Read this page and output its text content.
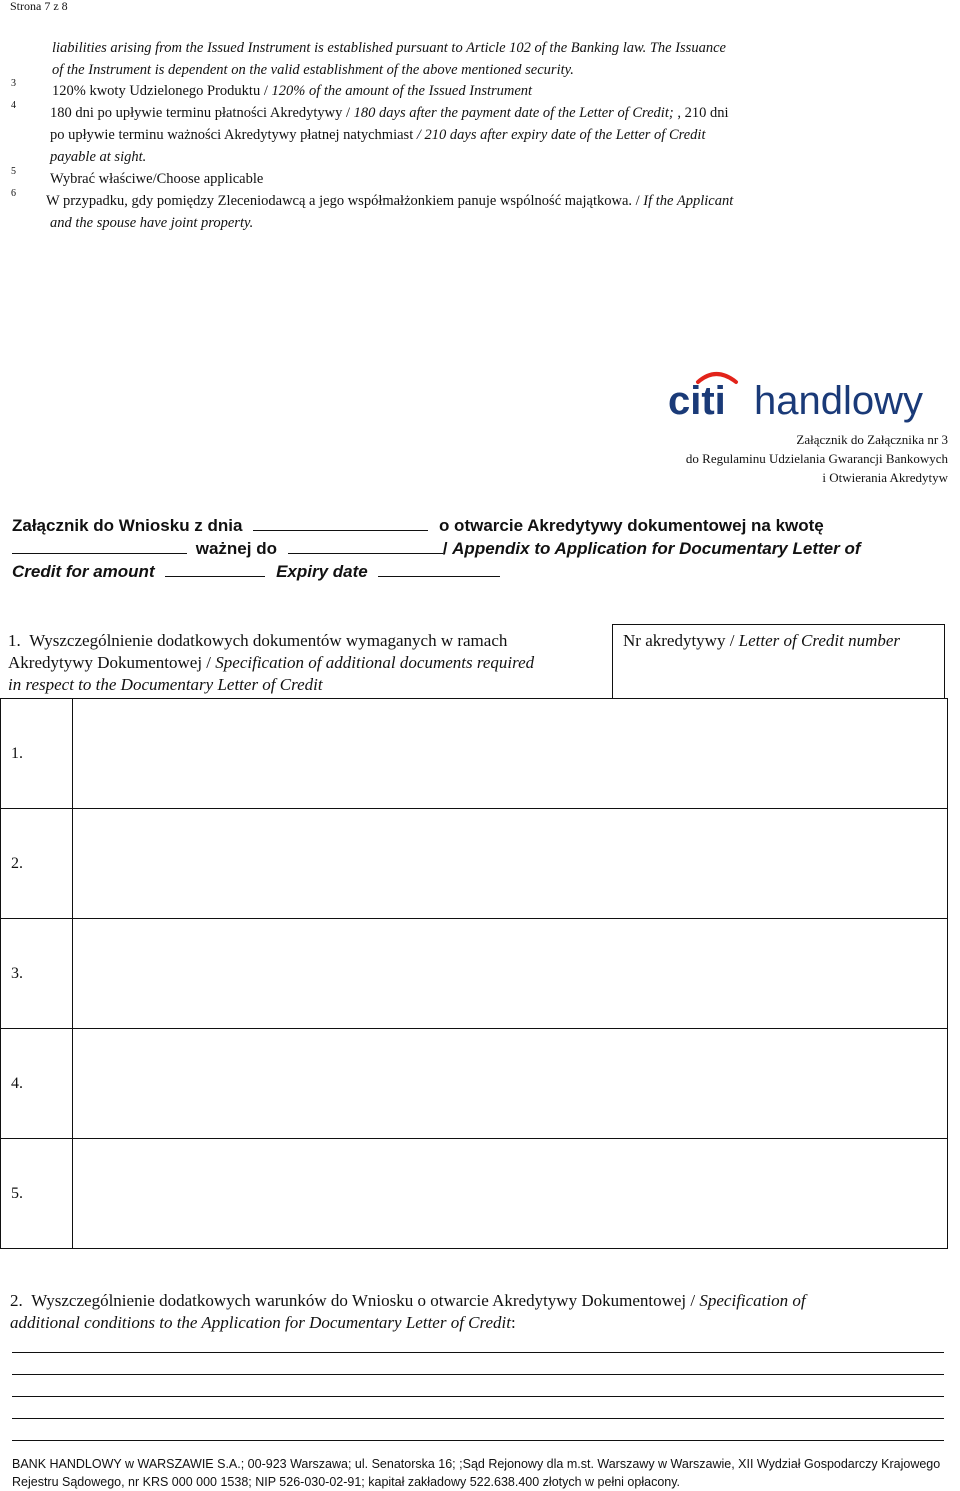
Strona 7 z 8
liabilities arising from the Issued Instrument is established pursuant to Article 102 of the Banking law. The Issuance
of the Instrument is dependent on the valid establishment of the above mentioned security.
3 120% kwoty Udzielonego Produktu / 120% of the amount of the Issued Instrument
4 180 dni po upływie terminu płatności Akredytywy / 180 days after the payment date of the Letter of Credit; , 210 dni
po upływie terminu ważności Akredytywy płatnej natychmiast / 210 days after expiry date of the Letter of Credit
payable at sight.
5 Wybrać właściwe/Choose applicable
6 W przypadku, gdy pomiędzy Zleceniodawcą a jego współmałżonkiem panuje wspólność majątkowa. / If the Applicant
and the spouse have joint property.
citi handlowy
Załącznik do Załącznika nr 3
do Regulaminu Udzielania Gwarancji Bankowych
i Otwierania Akredytyw
Załącznik do Wniosku z dnia	o otwarcie Akredytywy dokumentowej na kwotę
ważnej do	/ Appendix to Application for Documentary Letter of
Credit for amount	Expiry date
1. Wyszczególnienie dodatkowych dokumentów wymaganych w ramach
Akredytywy Dokumentowej / Specification of additional documents required
in respect to the Documentary Letter of Credit
Nr akredytywy / Letter of Credit number
1.	
2.	
3.	
4.	
5.	
2. Wyszczególnienie dodatkowych warunków do Wniosku o otwarcie Akredytywy Dokumentowej / Specification of
additional conditions to the Application for Documentary Letter of Credit:
BANK HANDLOWY w WARSZAWIE S.A.; 00-923 Warszawa; ul. Senatorska 16; ;Sąd Rejonowy dla m.st. Warszawy w Warszawie, XII Wydział Gospodarczy Krajowego
Rejestru Sądowego, nr KRS 000 000 1538; NIP 526-030-02-91; kapitał zakładowy 522.638.400 złotych w pełni opłacony.
